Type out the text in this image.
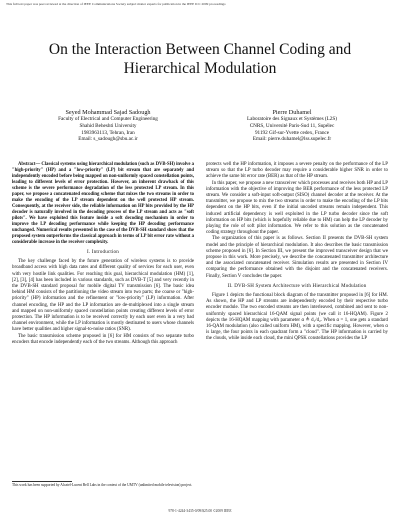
This full text paper was peer reviewed at the direction of IEEE Communications Society subject matter experts for publication in the IEEE ICC 2009 proceedings
On the Interaction Between Channel Coding and Hierarchical Modulation
Seyed Mohammad Sajad Sadough
Faculty of Electrical and Computer Engineering
Shahid Beheshti University
1983963113, Tehran, Iran
Email: s_sadough@sbu.ac.ir
Pierre Duhamel
Laboratoire des Signaux et Systèmes (L2S)
CNRS, Université Paris-Sud 11, Supélec
91192 Gif-sur-Yvette cedex, France
Email: pierre.duhamel@lss.supelec.fr

Abstract— Classical systems using hierarchical modulation (such as DVB-SH) involve a "high-priority" (HP) and a "low-priority" (LP) bit stream that are separately and independently encoded before being mapped on non-uniformly spaced constellation points, leading to different levels of error protection. However, an inherent drawback of this scheme is the severe performance degradation of the less protected LP stream. In this paper, we propose a concatenated encoding scheme that mixes the two streams in order to make the encoding of the LP stream dependent on the well protected HP stream. Consequently, at the receiver side, the reliable information on HP bits provided by the HP decoder is naturally involved in the decoding process of the LP stream and acts as "soft pilots". We have exploited this feature inside a soft decoding mechanism in order to improve the LP decoding performance while keeping the HP decoding performance unchanged. Numerical results presented in the case of the DVB-SH standard show that the proposed system outperforms the classical approach in terms of LP bit error rate without a considerable increase in the receiver complexity.

I. Introduction

The key challenge faced by the future generation of wireless systems is to provide broadband access with high data rates and different quality of services for each user, even with very hostile link qualities. For reaching this goal, hierarchical modulation (HM) [1], [2], [3], [4] has been included in various standards, such as DVB-T [5] and very recently in the DVB-SH standard proposal for mobile digital TV transmission [6]. The basic idea behind HM consists of the partitioning the video stream into two parts; the coarse or "high-priority" (HP) information and the refinement or "low-priority" (LP) information. After channel encoding, the HP and the LP information are de-multiplexed into a single stream and mapped on non-uniformly spaced constellation points creating different levels of error protection. The HP information is to be received correctly by each user even in a very bad channel environment, while the LP information is mostly destinated to users whose channels have better qualities and higher signal-to-noise ratios (SNR).

The basic transmission scheme proposed in [6] for HM consists of two separate turbo encoders that encode independently each of the two streams. Although this approach

This work has been supported by Alcatel-Lucent Bell Labs in the context of the UMTV (unlimited mobile television) project.

protects well the HP information, it imposes a severe penalty on the performance of the LP stream so that the LP turbo decoder may require a considerable higher SNR in order to achieve the same bit error rate (BER) as that of the HP stream.

In this paper, we propose a new transceiver which processes and receives both HP and LP information with the objective of improving the BER performance of the less protected LP stream. We consider a soft-input soft-output (SISO) channel decoder at the receiver. At the transmitter, we propose to mix the two streams in order to make the encoding of the LP bits dependent on the HP bits, even if the initial uncoded streams remain independent. This induced artificial dependency is well exploited in the LP turbo decoder since the soft information on HP bits (which is hopefully reliable due to HM) can help the LP decoder by playing the role of soft pilot information. We refer to this solution as the concatenated coding strategy throughout the paper.

The organization of this paper is as follows. Section II presents the DVB-SH system model and the principle of hierarchical modulation. It also describes the basic transmission scheme proposed in [6]. In Section III, we present the improved transceiver design that we propose in this work. More precisely, we describe the concatenated transmitter architecture and the associated concatenated receiver. Simulation results are presented in Section IV comparing the performance obtained with the disjoint and the concatenated receivers. Finally, Section V concludes the paper.

II. DVB-SH System Architecture with Hierarchical Modulation

Figure 1 depicts the functional block diagram of the transmitter proposed in [6] for HM. As shown, the HP and LP streams are independently encoded by their respective turbo encoder module. The two encoded streams are then interleaved, combined and sent to non-uniformly spaced hierarchical 16-QAM signal points (we call it 16-HQAM). Figure 2 depicts the 16-HQAM mapping with parameter α ≜ d₁/d₂. When α = 1, one gets a standard 16-QAM modulation (also called uniform HM), with a specific mapping. However, when α is large, the four points in each quadrant form a "cloud". The HP information is carried by the clouds, while inside each cloud, the mini QPSK constellations provides the LP

978-1-4244-3435-0/09/$25.00 ©2009 IEEE
